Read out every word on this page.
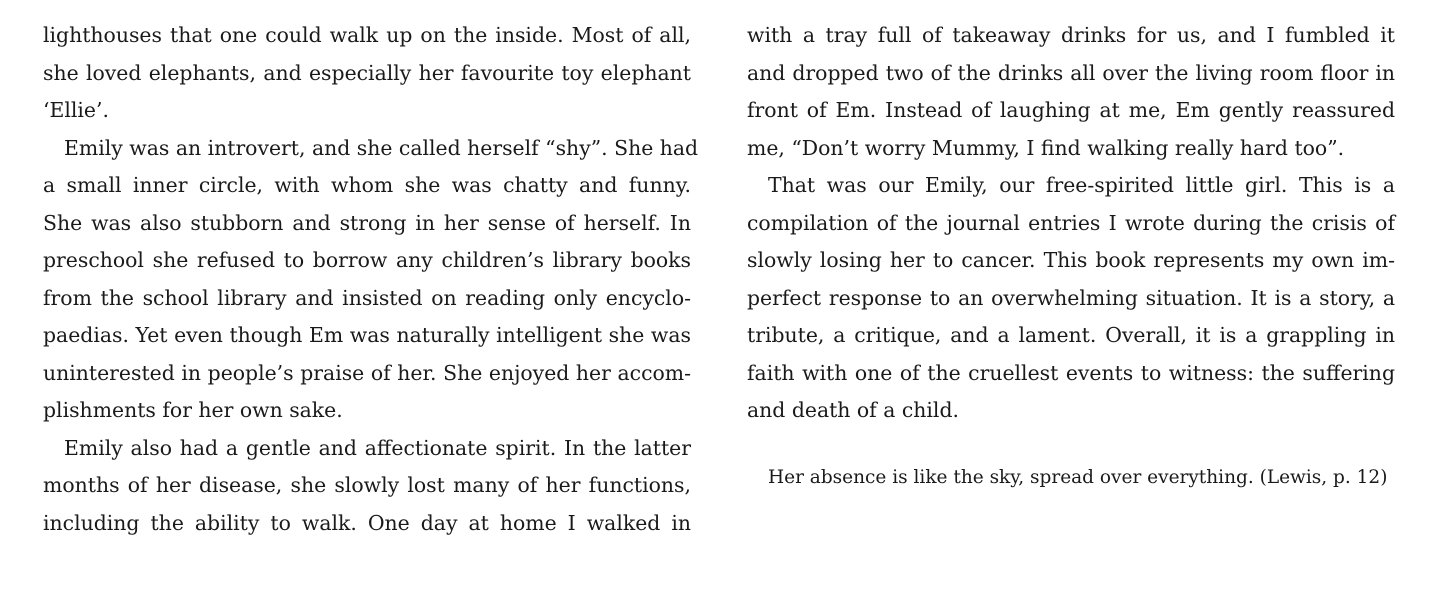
lighthouses that one could walk up on the inside. Most of all,
she loved elephants, and especially her favourite toy elephant
‘Ellie’.
Emily was an introvert, and she called herself “shy”. She had
a small inner circle, with whom she was chatty and funny.
She was also stubborn and strong in her sense of herself. In
preschool she refused to borrow any children’s library books
from the school library and insisted on reading only encyclo-
paedias. Yet even though Em was naturally intelligent she was
uninterested in people’s praise of her. She enjoyed her accom-
plishments for her own sake.
Emily also had a gentle and affectionate spirit. In the latter
months of her disease, she slowly lost many of her functions,
including the ability to walk. One day at home I walked in
with a tray full of takeaway drinks for us, and I fumbled it
and dropped two of the drinks all over the living room floor in
front of Em. Instead of laughing at me, Em gently reassured
me, “Don’t worry Mummy, I find walking really hard too”.
That was our Emily, our free-spirited little girl. This is a
compilation of the journal entries I wrote during the crisis of
slowly losing her to cancer. This book represents my own im-
perfect response to an overwhelming situation. It is a story, a
tribute, a critique, and a lament. Overall, it is a grappling in
faith with one of the cruellest events to witness: the suffering
and death of a child.
Her absence is like the sky, spread over everything. (Lewis, p. 12)
